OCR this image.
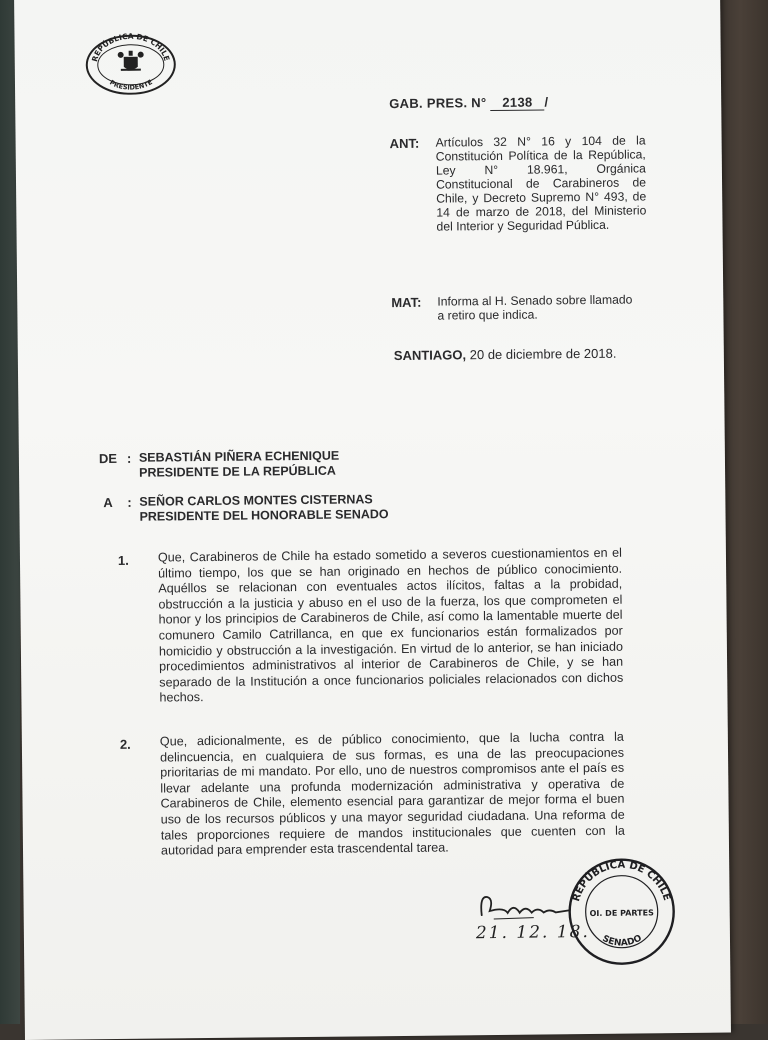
REPÚBLICA DE CHILE
PRESIDENTE
GAB. PRES. N° 2138 /
ANT: Artículos 32 N° 16 y 104 de la Constitución Política de la República, Ley N° 18.961, Orgánica Constitucional de Carabineros de Chile, y Decreto Supremo N° 493, de 14 de marzo de 2018, del Ministerio del Interior y Seguridad Pública.
MAT: Informa al H. Senado sobre llamado a retiro que indica.
SANTIAGO, 20 de diciembre de 2018.
DE : SEBASTIÁN PIÑERA ECHENIQUE
PRESIDENTE DE LA REPÚBLICA
A : SEÑOR CARLOS MONTES CISTERNAS
PRESIDENTE DEL HONORABLE SENADO
1. Que, Carabineros de Chile ha estado sometido a severos cuestionamientos en el último tiempo, los que se han originado en hechos de público conocimiento. Aquéllos se relacionan con eventuales actos ilícitos, faltas a la probidad, obstrucción a la justicia y abuso en el uso de la fuerza, los que comprometen el honor y los principios de Carabineros de Chile, así como la lamentable muerte del comunero Camilo Catrillanca, en que ex funcionarios están formalizados por homicidio y obstrucción a la investigación. En virtud de lo anterior, se han iniciado procedimientos administrativos al interior de Carabineros de Chile, y se han separado de la Institución a once funcionarios policiales relacionados con dichos hechos.
2. Que, adicionalmente, es de público conocimiento, que la lucha contra la delincuencia, en cualquiera de sus formas, es una de las preocupaciones prioritarias de mi mandato. Por ello, uno de nuestros compromisos ante el país es llevar adelante una profunda modernización administrativa y operativa de Carabineros de Chile, elemento esencial para garantizar de mejor forma el buen uso de los recursos públicos y una mayor seguridad ciudadana. Una reforma de tales proporciones requiere de mandos institucionales que cuenten con la autoridad para emprender esta trascendental tarea.
21. 12. 18.
REPÚBLICA DE CHILE
OI. DE PARTES
SENADO
